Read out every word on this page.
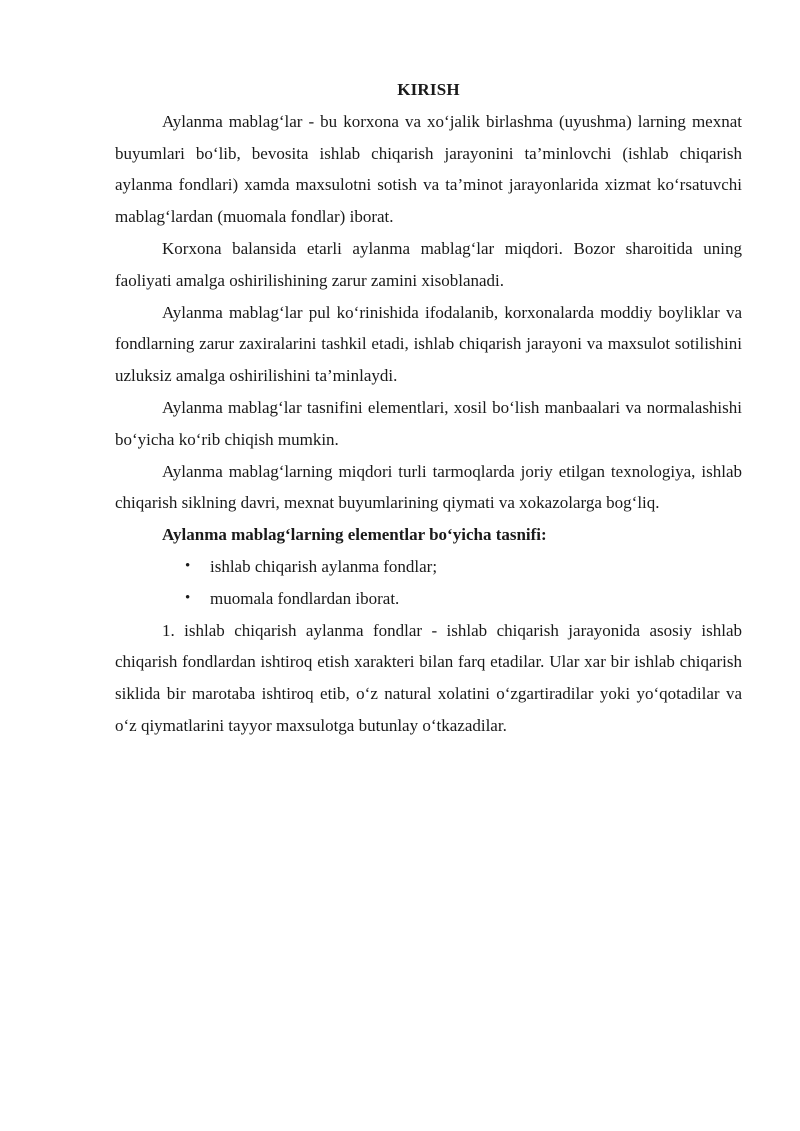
KIRISH

Aylanma mablag‘lar - bu korxona va xo‘jalik birlashma (uyushma) larning mexnat buyumlari bo‘lib, bevosita ishlab chiqarish jarayonini ta’minlovchi (ishlab chiqarish aylanma fondlari) xamda maxsulotni sotish va ta’minot jarayonlarida xizmat ko‘rsatuvchi mablag‘lardan (muomala fondlar) iborat.

Korxona balansida etarli aylanma mablag‘lar miqdori. Bozor sharoitida uning faoliyati amalga oshirilishining zarur zamini xisoblanadi.

Aylanma mablag‘lar pul ko‘rinishida ifodalanib, korxonalarda moddiy boyliklar va fondlarning zarur zaxiralarini tashkil etadi, ishlab chiqarish jarayoni va maxsulot sotilishini uzluksiz amalga oshirilishini ta’minlaydi.

Aylanma mablag‘lar tasnifini elementlari, xosil bo‘lish manbaalari va normalashishi bo‘yicha ko‘rib chiqish mumkin.

Aylanma mablag‘larning miqdori turli tarmoqlarda joriy etilgan texnologiya, ishlab chiqarish siklning davri, mexnat buyumlarining qiymati va xokazolarga bog‘liq.

Aylanma mablag‘larning elementlar bo‘yicha tasnifi:

• ishlab chiqarish aylanma fondlar;
• muomala fondlardan iborat.

1. ishlab chiqarish aylanma fondlar - ishlab chiqarish jarayonida asosiy ishlab chiqarish fondlardan ishtiroq etish xarakteri bilan farq etadilar. Ular xar bir ishlab chiqarish siklida bir marotaba ishtiroq etib, o‘z natural xolatini o‘zgartiradilar yoki yo‘qotadilar va o‘z qiymatlarini tayyor maxsulotga butunlay o‘tkazadilar.
